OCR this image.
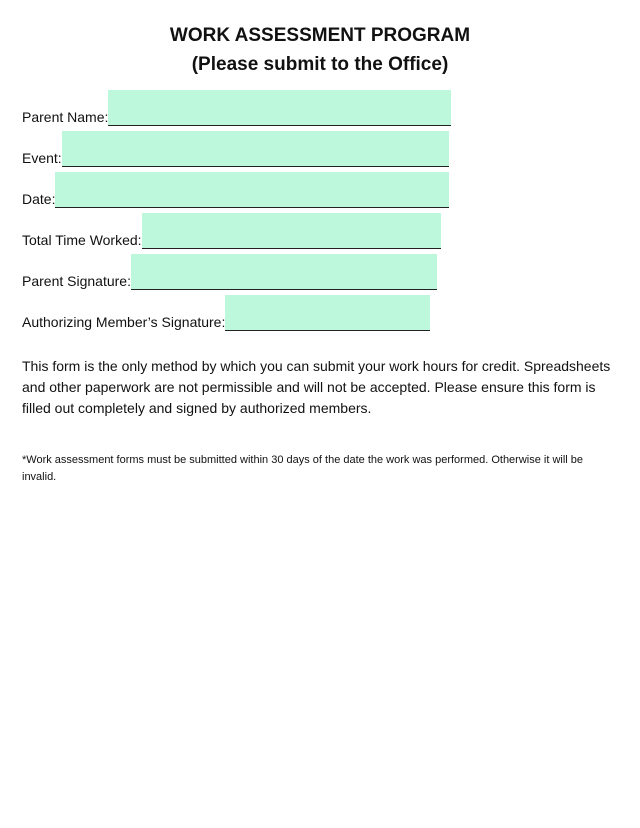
WORK ASSESSMENT PROGRAM
(Please submit to the Office)
Parent Name:
Event:
Date:
Total Time Worked:
Parent Signature:
Authorizing Member’s Signature:

This form is the only method by which you can submit your work hours for credit. Spreadsheets and other paperwork are not permissible and will not be accepted. Please ensure this form is filled out completely and signed by authorized members.

*Work assessment forms must be submitted within 30 days of the date the work was performed. Otherwise it will be invalid.
